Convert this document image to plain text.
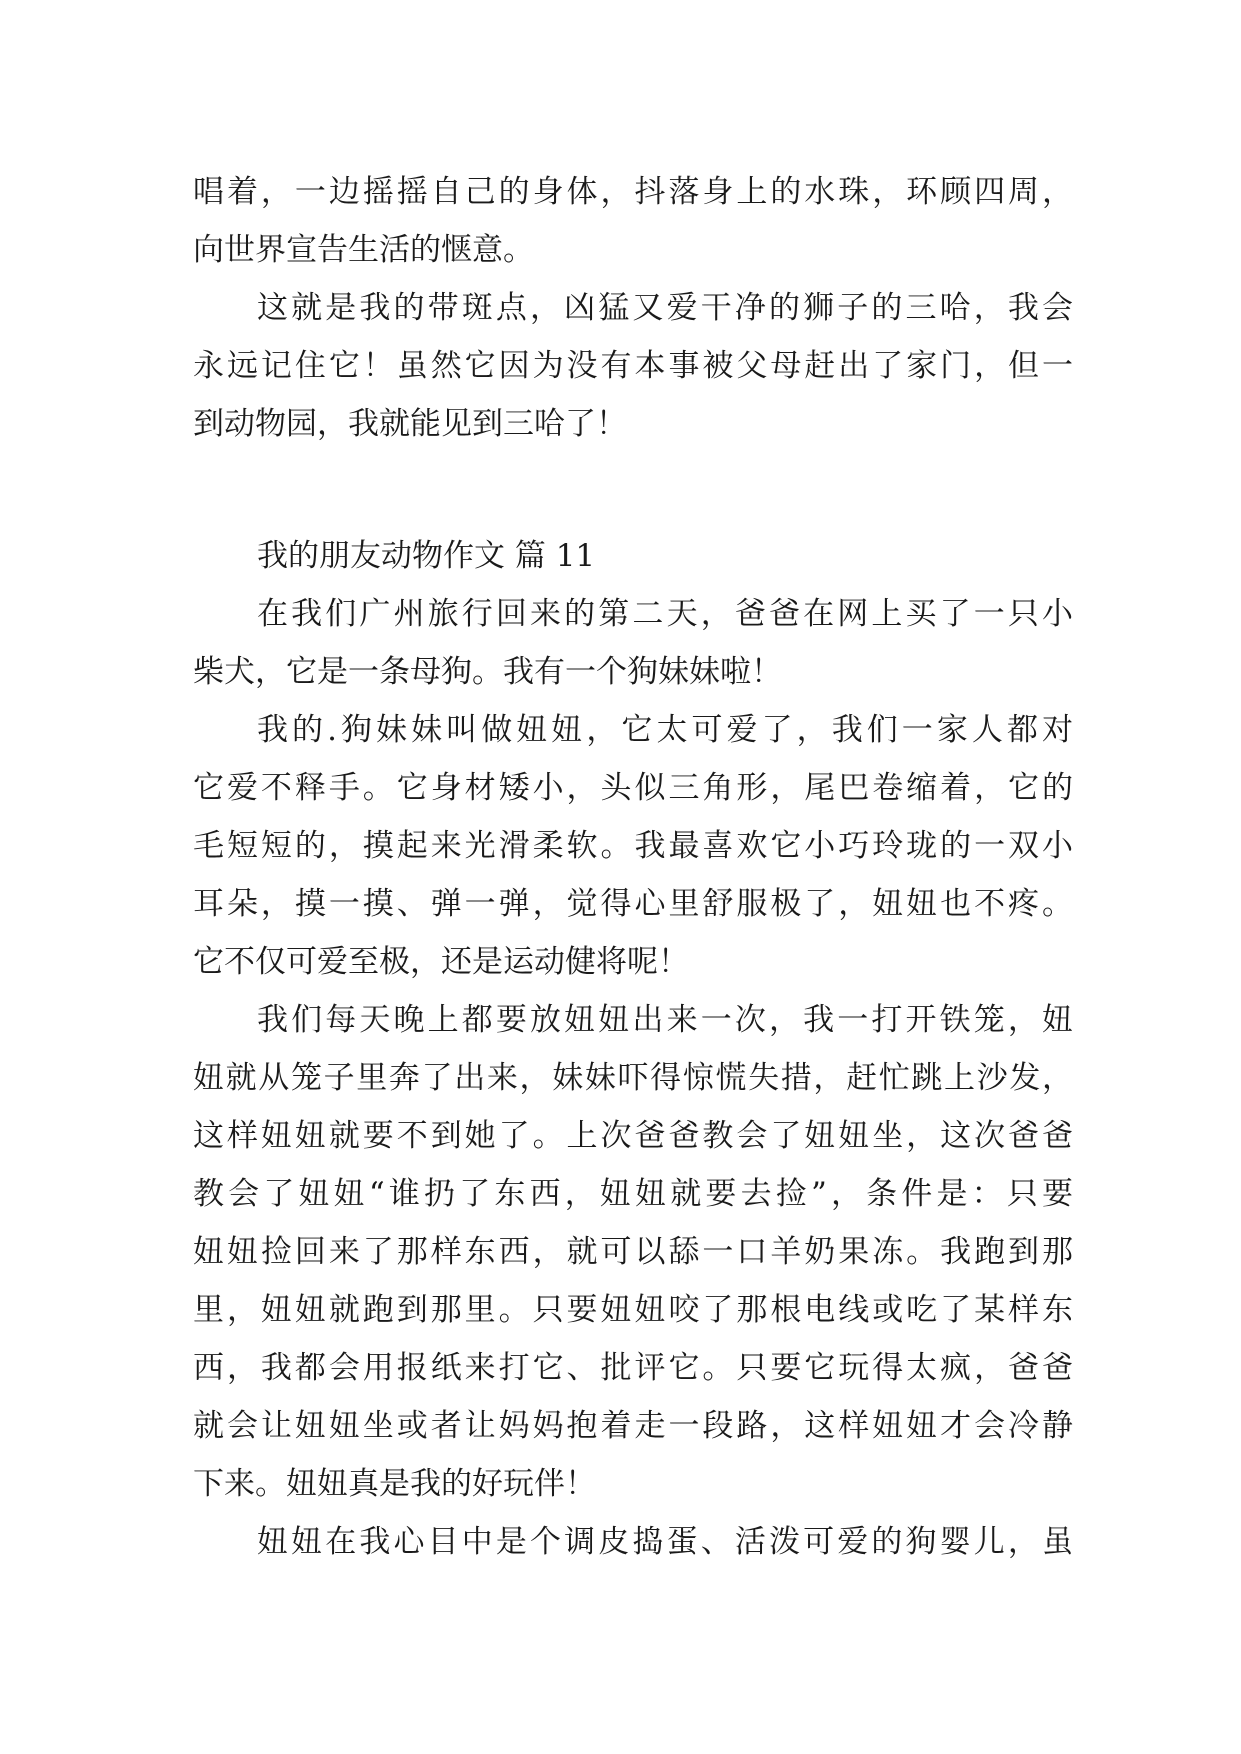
唱着，一边摇摇自己的身体，抖落身上的水珠，环顾四周，
向世界宣告生活的惬意。
这就是我的带斑点，凶猛又爱干净的狮子的三哈，我会
永远记住它！虽然它因为没有本事被父母赶出了家门，但一
到动物园，我就能见到三哈了！
我的朋友动物作文 篇 11
在我们广州旅行回来的第二天，爸爸在网上买了一只小
柴犬，它是一条母狗。我有一个狗妹妹啦！
我的.狗妹妹叫做妞妞，它太可爱了，我们一家人都对
它爱不释手。它身材矮小，头似三角形，尾巴卷缩着，它的
毛短短的，摸起来光滑柔软。我最喜欢它小巧玲珑的一双小
耳朵，摸一摸、弹一弹，觉得心里舒服极了，妞妞也不疼。
它不仅可爱至极，还是运动健将呢！
我们每天晚上都要放妞妞出来一次，我一打开铁笼，妞
妞就从笼子里奔了出来，妹妹吓得惊慌失措，赶忙跳上沙发，
这样妞妞就要不到她了。上次爸爸教会了妞妞坐，这次爸爸
教会了妞妞“谁扔了东西，妞妞就要去捡”，条件是：只要
妞妞捡回来了那样东西，就可以舔一口羊奶果冻。我跑到那
里，妞妞就跑到那里。只要妞妞咬了那根电线或吃了某样东
西，我都会用报纸来打它、批评它。只要它玩得太疯，爸爸
就会让妞妞坐或者让妈妈抱着走一段路，这样妞妞才会冷静
下来。妞妞真是我的好玩伴！
妞妞在我心目中是个调皮捣蛋、活泼可爱的狗婴儿，虽
